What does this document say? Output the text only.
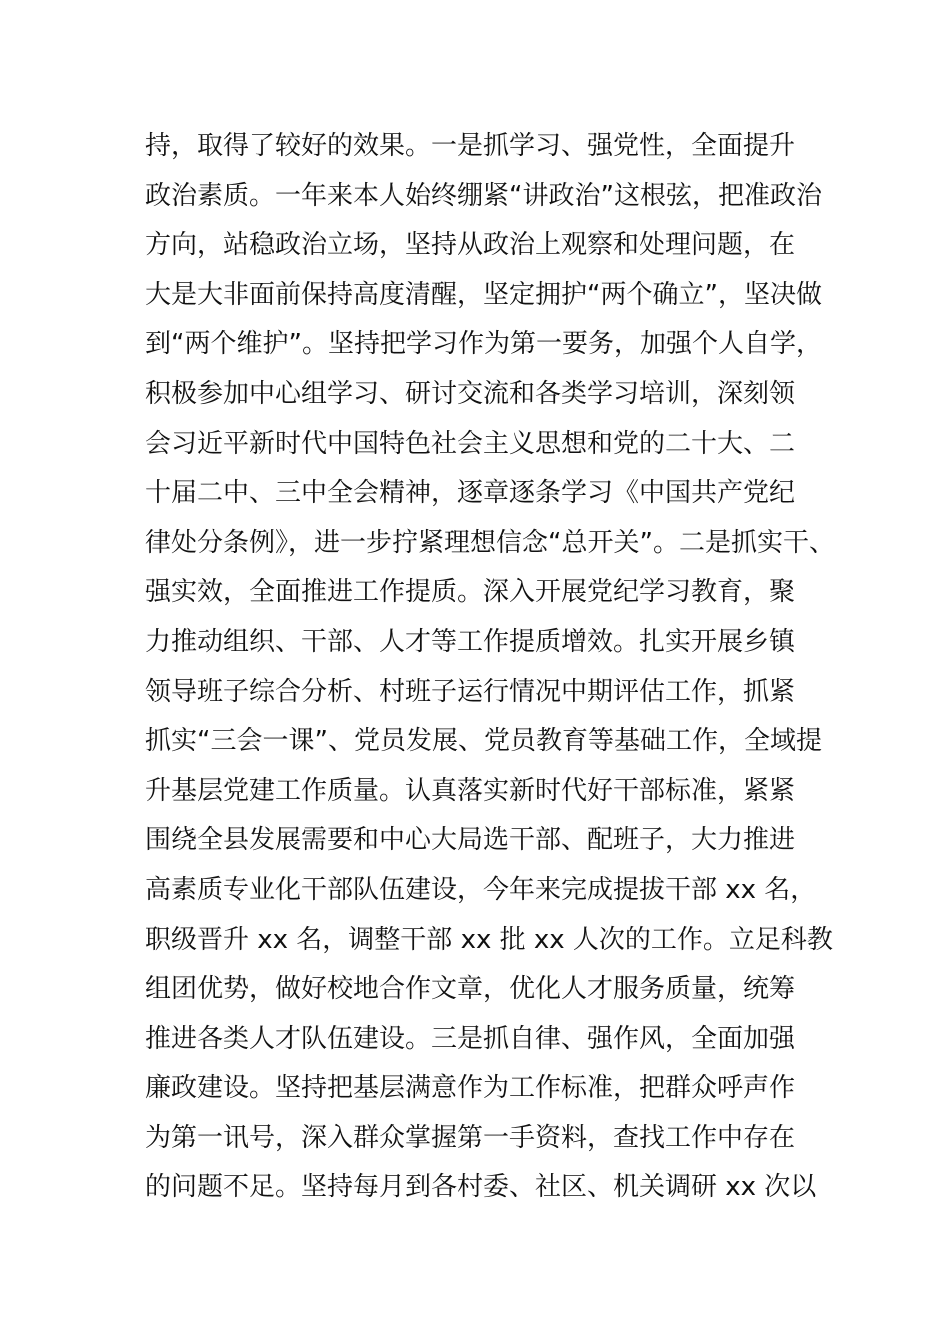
持，取得了较好的效果。一是抓学习、强党性，全面提升
政治素质。一年来本人始终绷紧“讲政治”这根弦，把准政治
方向，站稳政治立场，坚持从政治上观察和处理问题，在
大是大非面前保持高度清醒，坚定拥护“两个确立”，坚决做
到“两个维护”。坚持把学习作为第一要务，加强个人自学，
积极参加中心组学习、研讨交流和各类学习培训，深刻领
会习近平新时代中国特色社会主义思想和党的二十大、二
十届二中、三中全会精神，逐章逐条学习《中国共产党纪
律处分条例》，进一步拧紧理想信念“总开关”。二是抓实干、
强实效，全面推进工作提质。深入开展党纪学习教育，聚
力推动组织、干部、人才等工作提质增效。扎实开展乡镇
领导班子综合分析、村班子运行情况中期评估工作，抓紧
抓实“三会一课”、党员发展、党员教育等基础工作，全域提
升基层党建工作质量。认真落实新时代好干部标准，紧紧
围绕全县发展需要和中心大局选干部、配班子，大力推进
高素质专业化干部队伍建设，今年来完成提拔干部 xx 名，
职级晋升 xx 名，调整干部 xx 批 xx 人次的工作。立足科教
组团优势，做好校地合作文章，优化人才服务质量，统筹
推进各类人才队伍建设。三是抓自律、强作风，全面加强
廉政建设。坚持把基层满意作为工作标准，把群众呼声作
为第一讯号，深入群众掌握第一手资料，查找工作中存在
的问题不足。坚持每月到各村委、社区、机关调研 xx 次以
